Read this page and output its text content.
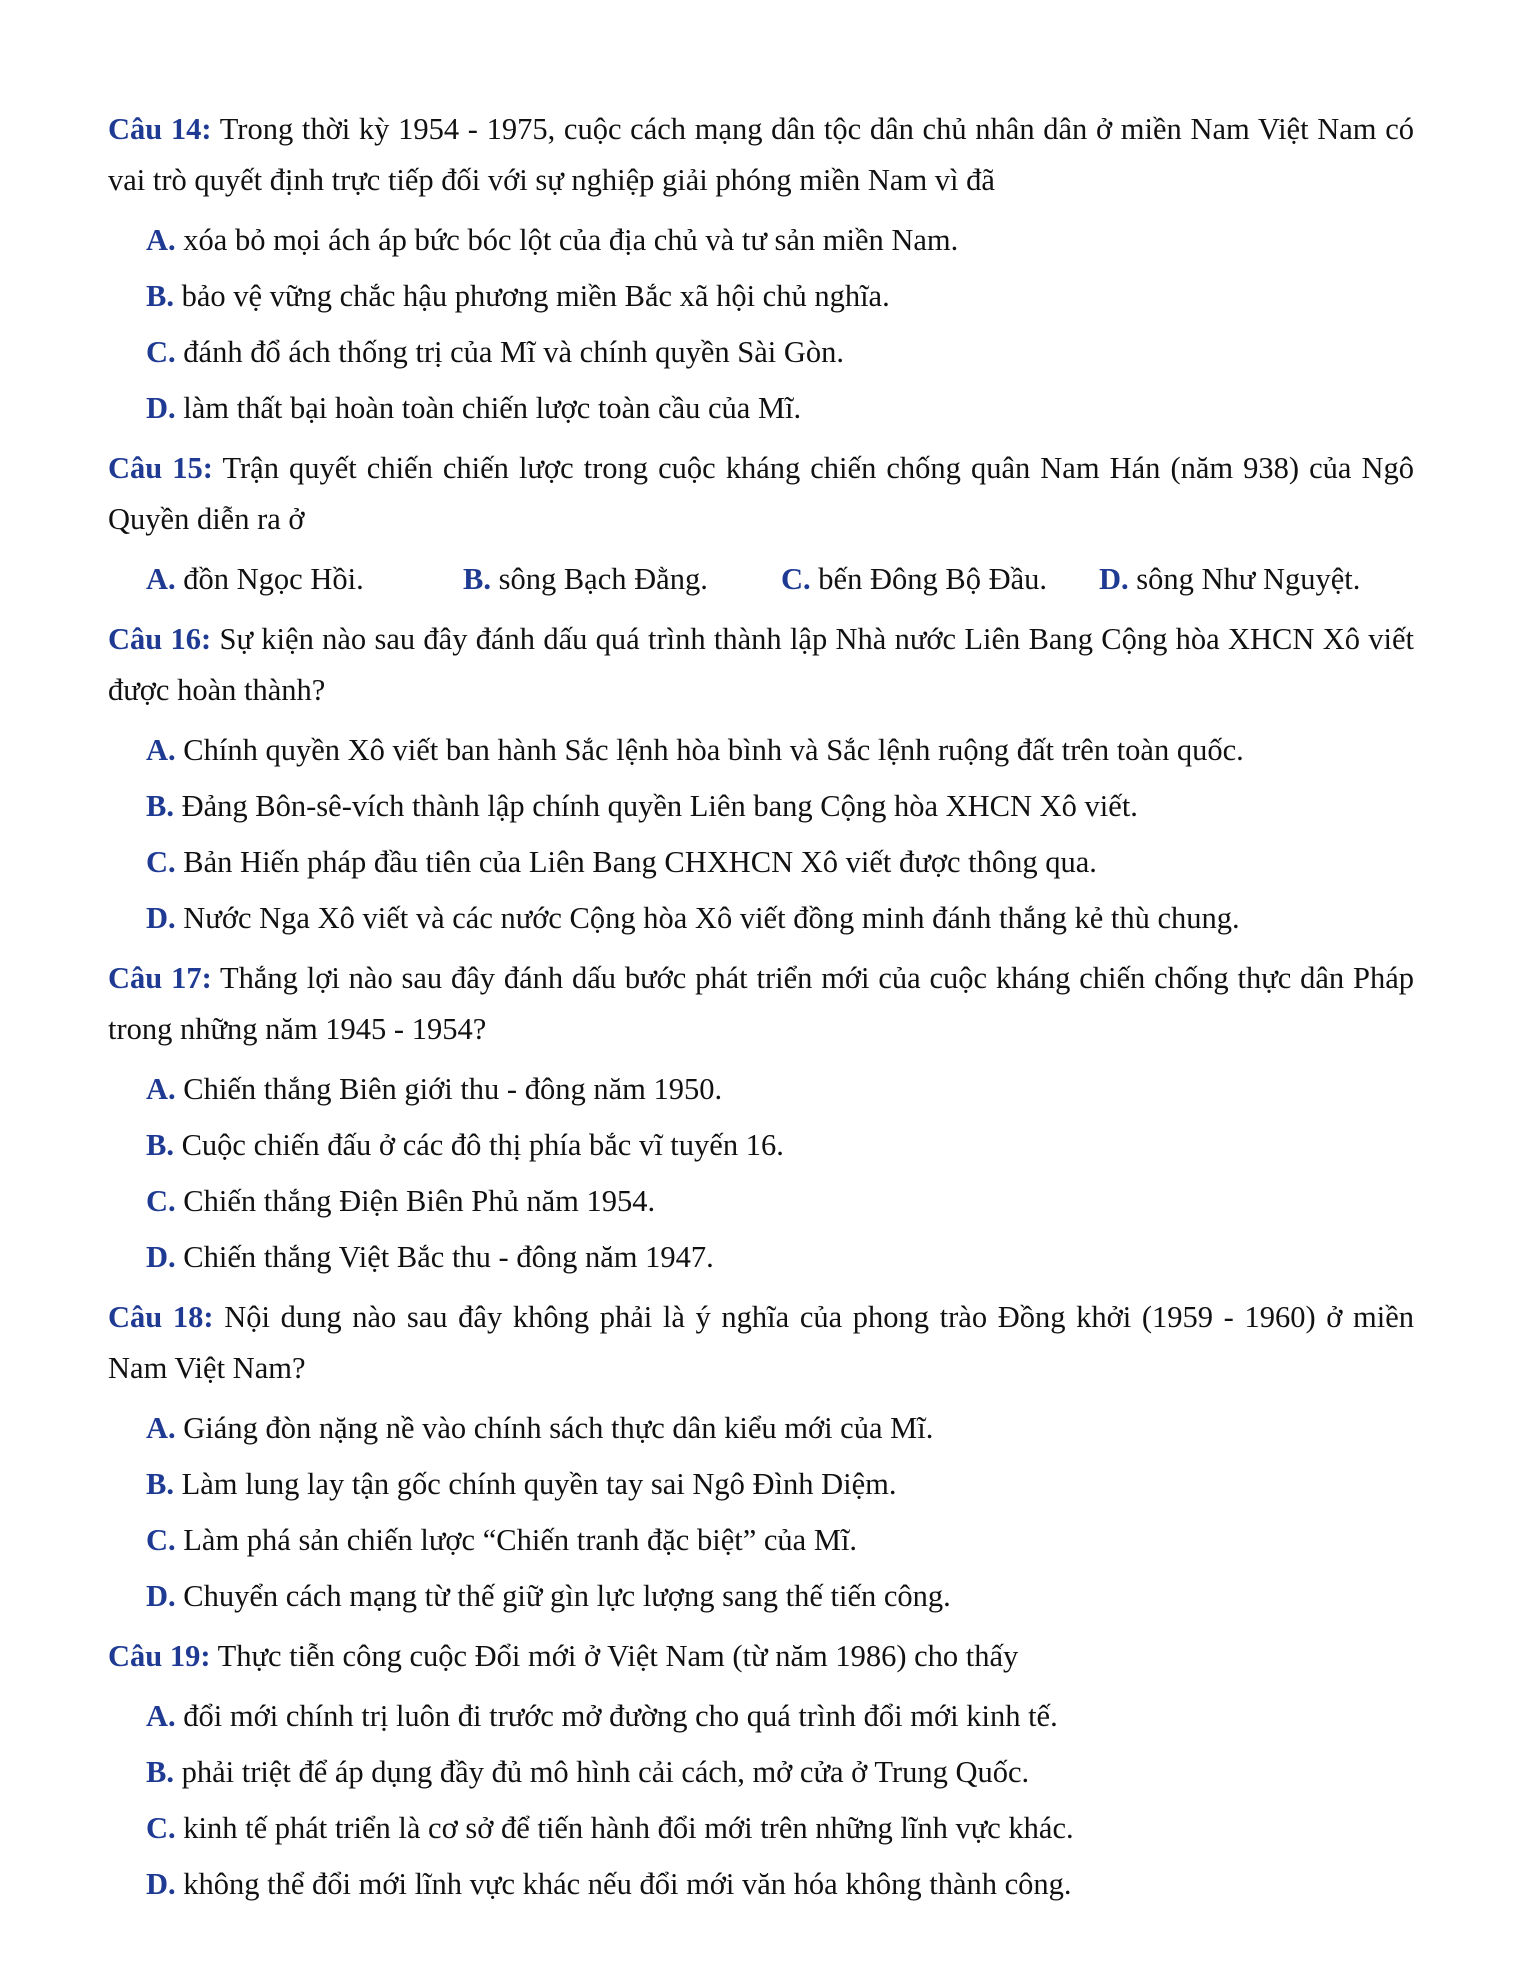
Câu 14: Trong thời kỳ 1954 - 1975, cuộc cách mạng dân tộc dân chủ nhân dân ở miền Nam Việt Nam có vai trò quyết định trực tiếp đối với sự nghiệp giải phóng miền Nam vì đã

A. xóa bỏ mọi ách áp bức bóc lột của địa chủ và tư sản miền Nam.
B. bảo vệ vững chắc hậu phương miền Bắc xã hội chủ nghĩa.
C. đánh đổ ách thống trị của Mĩ và chính quyền Sài Gòn.
D. làm thất bại hoàn toàn chiến lược toàn cầu của Mĩ.

Câu 15: Trận quyết chiến chiến lược trong cuộc kháng chiến chống quân Nam Hán (năm 938) của Ngô Quyền diễn ra ở

A. đồn Ngọc Hồi.	B. sông Bạch Đằng.	C. bến Đông Bộ Đầu.	D. sông Như Nguyệt.

Câu 16: Sự kiện nào sau đây đánh dấu quá trình thành lập Nhà nước Liên Bang Cộng hòa XHCN Xô viết được hoàn thành?

A. Chính quyền Xô viết ban hành Sắc lệnh hòa bình và Sắc lệnh ruộng đất trên toàn quốc.
B. Đảng Bôn-sê-vích thành lập chính quyền Liên bang Cộng hòa XHCN Xô viết.
C. Bản Hiến pháp đầu tiên của Liên Bang CHXHCN Xô viết được thông qua.
D. Nước Nga Xô viết và các nước Cộng hòa Xô viết đồng minh đánh thắng kẻ thù chung.

Câu 17: Thắng lợi nào sau đây đánh dấu bước phát triển mới của cuộc kháng chiến chống thực dân Pháp trong những năm 1945 - 1954?

A. Chiến thắng Biên giới thu - đông năm 1950.
B. Cuộc chiến đấu ở các đô thị phía bắc vĩ tuyến 16.
C. Chiến thắng Điện Biên Phủ năm 1954.
D. Chiến thắng Việt Bắc thu - đông năm 1947.

Câu 18: Nội dung nào sau đây không phải là ý nghĩa của phong trào Đồng khởi (1959 - 1960) ở miền Nam Việt Nam?

A. Giáng đòn nặng nề vào chính sách thực dân kiểu mới của Mĩ.
B. Làm lung lay tận gốc chính quyền tay sai Ngô Đình Diệm.
C. Làm phá sản chiến lược “Chiến tranh đặc biệt” của Mĩ.
D. Chuyển cách mạng từ thế giữ gìn lực lượng sang thế tiến công.

Câu 19: Thực tiễn công cuộc Đổi mới ở Việt Nam (từ năm 1986) cho thấy

A. đổi mới chính trị luôn đi trước mở đường cho quá trình đổi mới kinh tế.
B. phải triệt để áp dụng đầy đủ mô hình cải cách, mở cửa ở Trung Quốc.
C. kinh tế phát triển là cơ sở để tiến hành đổi mới trên những lĩnh vực khác.
D. không thể đổi mới lĩnh vực khác nếu đổi mới văn hóa không thành công.
